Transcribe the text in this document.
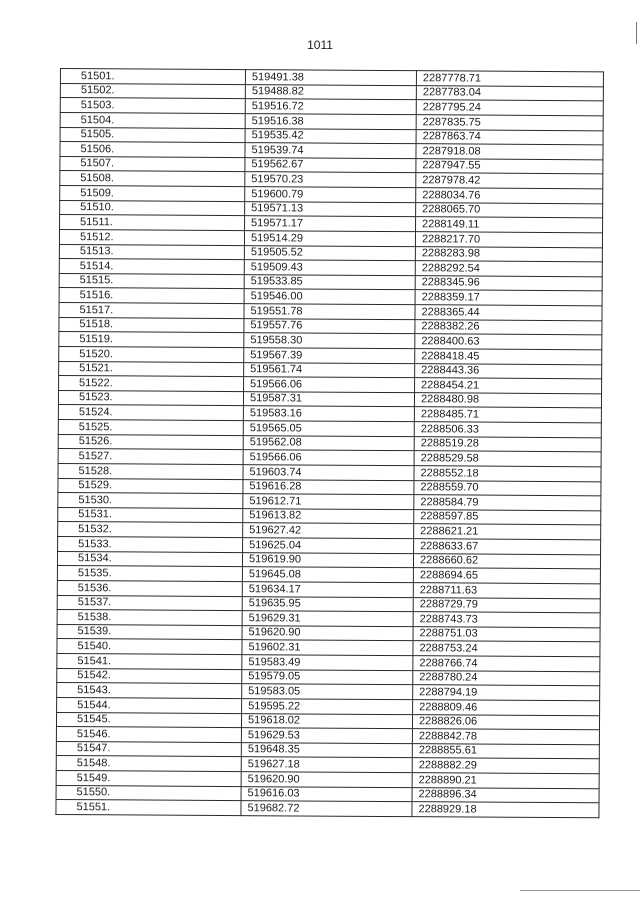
1011
51501.	519491.38	2287778.71
51502.	519488.82	2287783.04
51503.	519516.72	2287795.24
51504.	519516.38	2287835.75
51505.	519535.42	2287863.74
51506.	519539.74	2287918.08
51507.	519562.67	2287947.55
51508.	519570.23	2287978.42
51509.	519600.79	2288034.76
51510.	519571.13	2288065.70
51511.	519571.17	2288149.11
51512.	519514.29	2288217.70
51513.	519505.52	2288283.98
51514.	519509.43	2288292.54
51515.	519533.85	2288345.96
51516.	519546.00	2288359.17
51517.	519551.78	2288365.44
51518.	519557.76	2288382.26
51519.	519558.30	2288400.63
51520.	519567.39	2288418.45
51521.	519561.74	2288443.36
51522.	519566.06	2288454.21
51523.	519587.31	2288480.98
51524.	519583.16	2288485.71
51525.	519565.05	2288506.33
51526.	519562.08	2288519.28
51527.	519566.06	2288529.58
51528.	519603.74	2288552.18
51529.	519616.28	2288559.70
51530.	519612.71	2288584.79
51531.	519613.82	2288597.85
51532.	519627.42	2288621.21
51533.	519625.04	2288633.67
51534.	519619.90	2288660.62
51535.	519645.08	2288694.65
51536.	519634.17	2288711.63
51537.	519635.95	2288729.79
51538.	519629.31	2288743.73
51539.	519620.90	2288751.03
51540.	519602.31	2288753.24
51541.	519583.49	2288766.74
51542.	519579.05	2288780.24
51543.	519583.05	2288794.19
51544.	519595.22	2288809.46
51545.	519618.02	2288826.06
51546.	519629.53	2288842.78
51547.	519648.35	2288855.61
51548.	519627.18	2288882.29
51549.	519620.90	2288890.21
51550.	519616.03	2288896.34
51551.	519682.72	2288929.18
